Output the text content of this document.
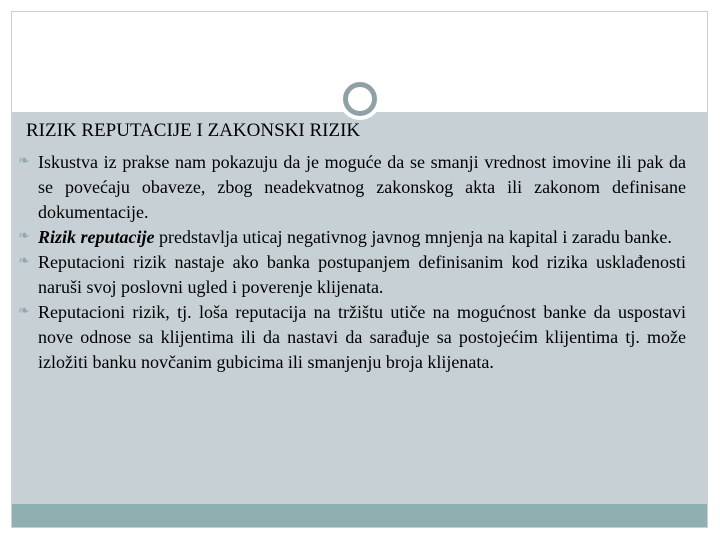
RIZIK REPUTACIJE I ZAKONSKI RIZIK
❧ Iskustva iz prakse nam pokazuju da je moguće da se smanji vrednost imovine ili pak da se povećaju obaveze, zbog neadekvatnog zakonskog akta ili zakonom definisane dokumentacije.
❧ Rizik reputacije predstavlja uticaj negativnog javnog mnjenja na kapital i zaradu banke.
❧ Reputacioni rizik nastaje ako banka postupanjem definisanim kod rizika usklađenosti naruši svoj poslovni ugled i poverenje klijenata.
❧ Reputacioni rizik, tj. loša reputacija na tržištu utiče na mogućnost banke da uspostavi nove odnose sa klijentima ili da nastavi da sarađuje sa postojećim klijentima tj. može izložiti banku novčanim gubicima ili smanjenju broja klijenata.
